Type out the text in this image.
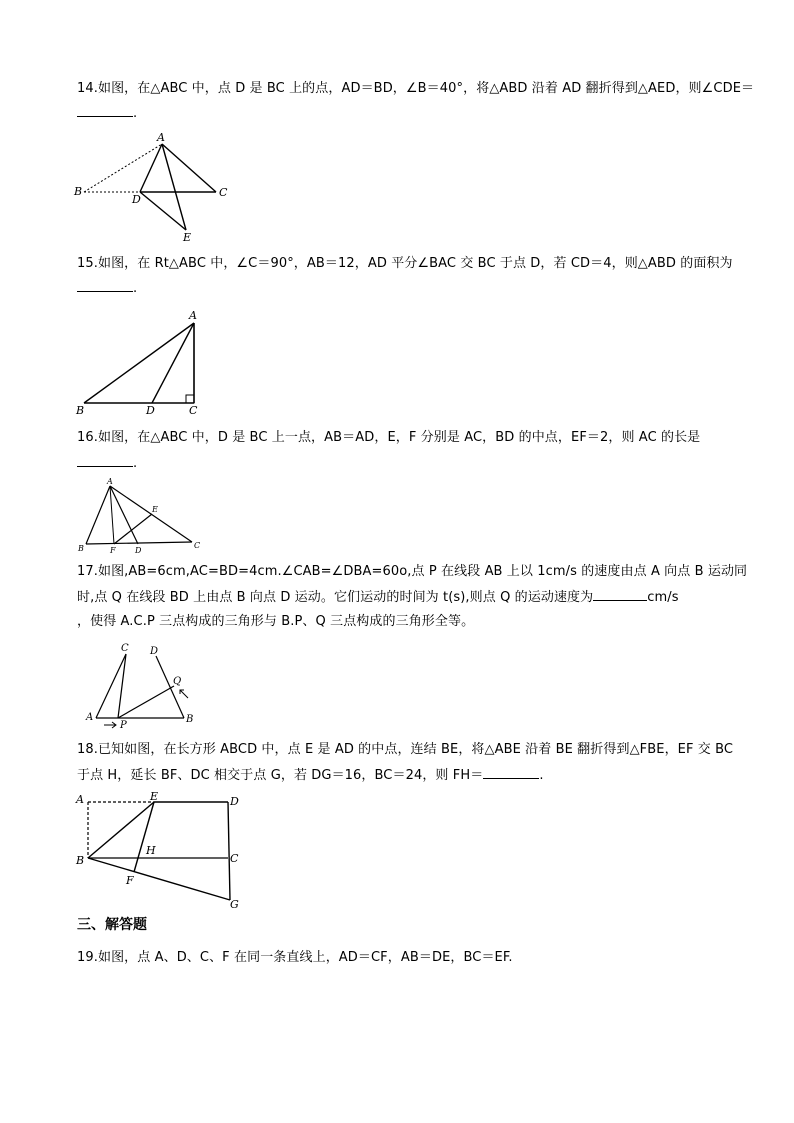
14.如图，在△ABC 中，点 D 是 BC 上的点，AD＝BD，∠B＝40°，将△ABD 沿着 AD 翻折得到△AED，则∠CDE＝
.
A
B
D
C
E
15.如图，在 Rt△ABC 中，∠C＝90°，AB＝12，AD 平分∠BAC 交 BC 于点 D，若 CD＝4，则△ABD 的面积为
.
A
B	D	C
16.如图，在△ABC 中，D 是 BC 上一点，AB＝AD，E，F 分别是 AC，BD 的中点，EF＝2，则 AC 的长是
.
A
B	F D
C
E
17.如图,AB=6cm,AC=BD=4cm.∠CAB=∠DBA=60o,点 P 在线段 AB 上以 1cm/s 的速度由点 A 向点 B 运动同
时,点 Q 在线段 BD 上由点 B 向点 D 运动。它们运动的时间为 t(s),则点 Q 的运动速度为	cm/s
，使得 A.C.P 三点构成的三角形与 B.P、Q 三点构成的三角形全等。
C D
Q
A	B
P
18.已知如图，在长方形 ABCD 中，点 E 是 AD 的中点，连结 BE，将△ABE 沿着 BE 翻折得到△FBE，EF 交 BC
于点 H，延长 BF、DC 相交于点 G，若 DG＝16，BC＝24，则 FH＝	.
A	E	D
B
H
C
F
G
三、解答题
19.如图，点 A、D、C、F 在同一条直线上，AD＝CF，AB＝DE，BC＝EF.
